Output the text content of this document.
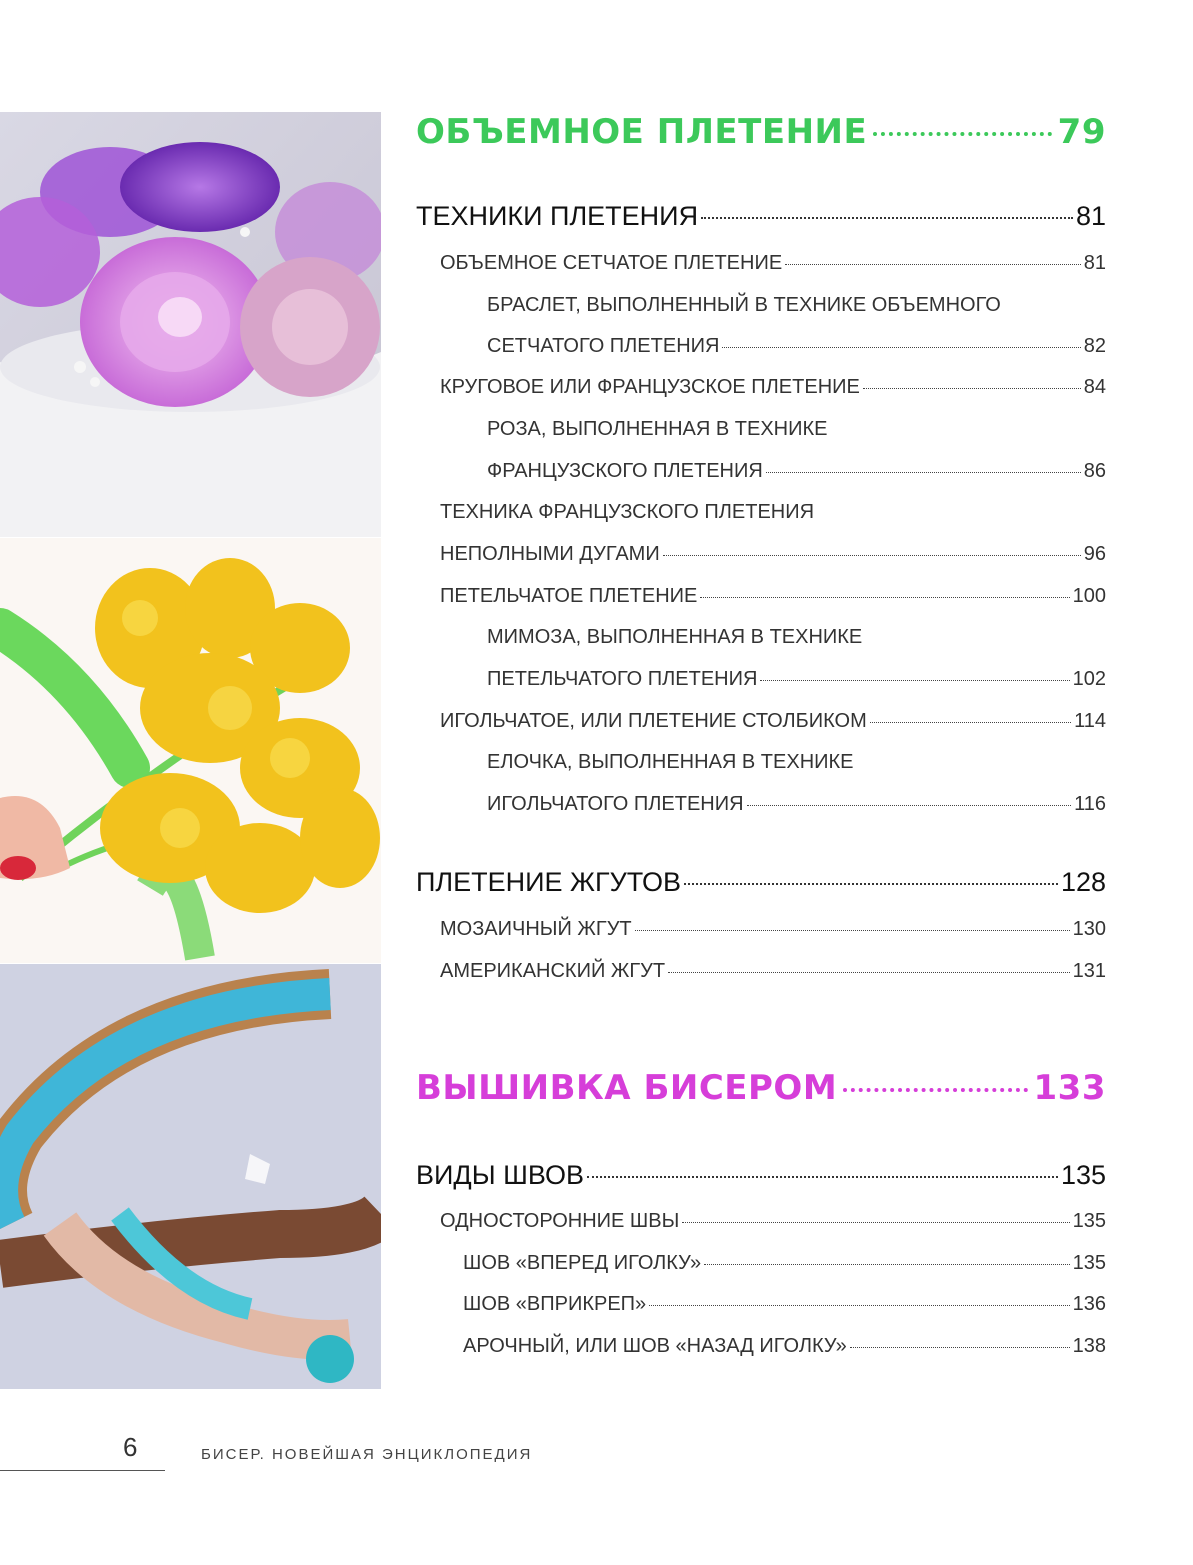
ОБЪЕМНОЕ ПЛЕТЕНИЕ	79
ТЕХНИКИ ПЛЕТЕНИЯ	81
ОБЪЕМНОЕ СЕТЧАТОЕ ПЛЕТЕНИЕ	81
БРАСЛЕТ, ВЫПОЛНЕННЫЙ В ТЕХНИКЕ ОБЪЕМНОГО
СЕТЧАТОГО ПЛЕТЕНИЯ	82
КРУГОВОЕ ИЛИ ФРАНЦУЗСКОЕ ПЛЕТЕНИЕ	84
РОЗА, ВЫПОЛНЕННАЯ В ТЕХНИКЕ
ФРАНЦУЗСКОГО ПЛЕТЕНИЯ	86
ТЕХНИКА ФРАНЦУЗСКОГО ПЛЕТЕНИЯ
НЕПОЛНЫМИ ДУГАМИ	96
ПЕТЕЛЬЧАТОЕ ПЛЕТЕНИЕ	100
МИМОЗА, ВЫПОЛНЕННАЯ В ТЕХНИКЕ
ПЕТЕЛЬЧАТОГО ПЛЕТЕНИЯ	102
ИГОЛЬЧАТОЕ, ИЛИ ПЛЕТЕНИЕ СТОЛБИКОМ	114
ЕЛОЧКА, ВЫПОЛНЕННАЯ В ТЕХНИКЕ
ИГОЛЬЧАТОГО ПЛЕТЕНИЯ	116
ПЛЕТЕНИЕ ЖГУТОВ	128
МОЗАИЧНЫЙ ЖГУТ	130
АМЕРИКАНСКИЙ ЖГУТ	131
ВЫШИВКА БИСЕРОМ	133
ВИДЫ ШВОВ	135
ОДНОСТОРОННИЕ ШВЫ	135
ШОВ «ВПЕРЕД ИГОЛКУ»	135
ШОВ «ВПРИКРЕП»	136
АРОЧНЫЙ, ИЛИ ШОВ «НАЗАД ИГОЛКУ»	138
6	БИСЕР. НОВЕЙШАЯ ЭНЦИКЛОПЕДИЯ
